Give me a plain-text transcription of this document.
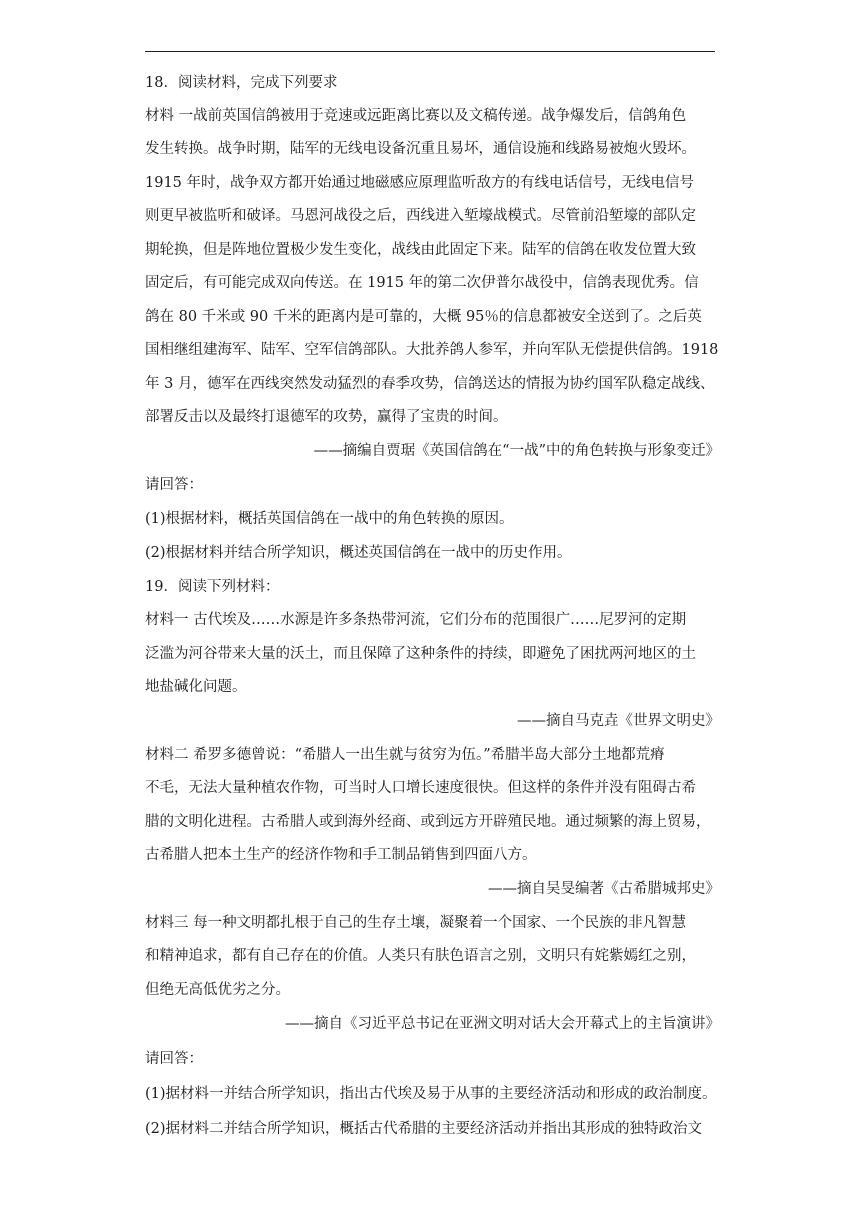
18．阅读材料，完成下列要求
材料 一战前英国信鸽被用于竞速或远距离比赛以及文稿传递。战争爆发后，信鸽角色
发生转换。战争时期，陆军的无线电设备沉重且易坏，通信设施和线路易被炮火毁坏。
1915 年时，战争双方都开始通过地磁感应原理监听敌方的有线电话信号，无线电信号
则更早被监听和破译。马恩河战役之后，西线进入堑壕战模式。尽管前沿堑壕的部队定
期轮换，但是阵地位置极少发生变化，战线由此固定下来。陆军的信鸽在收发位置大致
固定后，有可能完成双向传送。在 1915 年的第二次伊普尔战役中，信鸽表现优秀。信
鸽在 80 千米或 90 千米的距离内是可靠的，大概 95％的信息都被安全送到了。之后英
国相继组建海军、陆军、空军信鸽部队。大批养鸽人参军，并向军队无偿提供信鸽。1918
年 3 月，德军在西线突然发动猛烈的春季攻势，信鸽送达的情报为协约国军队稳定战线、
部署反击以及最终打退德军的攻势，赢得了宝贵的时间。
——摘编自贾琚《英国信鸽在“一战”中的角色转换与形象变迁》
请回答：
(1)根据材料，概括英国信鸽在一战中的角色转换的原因。
(2)根据材料并结合所学知识，概述英国信鸽在一战中的历史作用。
19．阅读下列材料：
材料一 古代埃及……水源是许多条热带河流，它们分布的范围很广……尼罗河的定期
泛滥为河谷带来大量的沃土，而且保障了这种条件的持续，即避免了困扰两河地区的土
地盐碱化问题。
——摘自马克垚《世界文明史》
材料二 希罗多德曾说：“希腊人一出生就与贫穷为伍。”希腊半岛大部分土地都荒瘠
不毛，无法大量种植农作物，可当时人口增长速度很快。但这样的条件并没有阻碍古希
腊的文明化进程。古希腊人或到海外经商、或到远方开辟殖民地。通过频繁的海上贸易，
古希腊人把本土生产的经济作物和手工制品销售到四面八方。
——摘自吴旻编著《古希腊城邦史》
材料三 每一种文明都扎根于自己的生存土壤，凝聚着一个国家、一个民族的非凡智慧
和精神追求，都有自己存在的价值。人类只有肤色语言之别，文明只有姹紫嫣红之别，
但绝无高低优劣之分。
——摘自《习近平总书记在亚洲文明对话大会开幕式上的主旨演讲》
请回答：
(1)据材料一并结合所学知识，指出古代埃及易于从事的主要经济活动和形成的政治制度。
(2)据材料二并结合所学知识，概括古代希腊的主要经济活动并指出其形成的独特政治文
